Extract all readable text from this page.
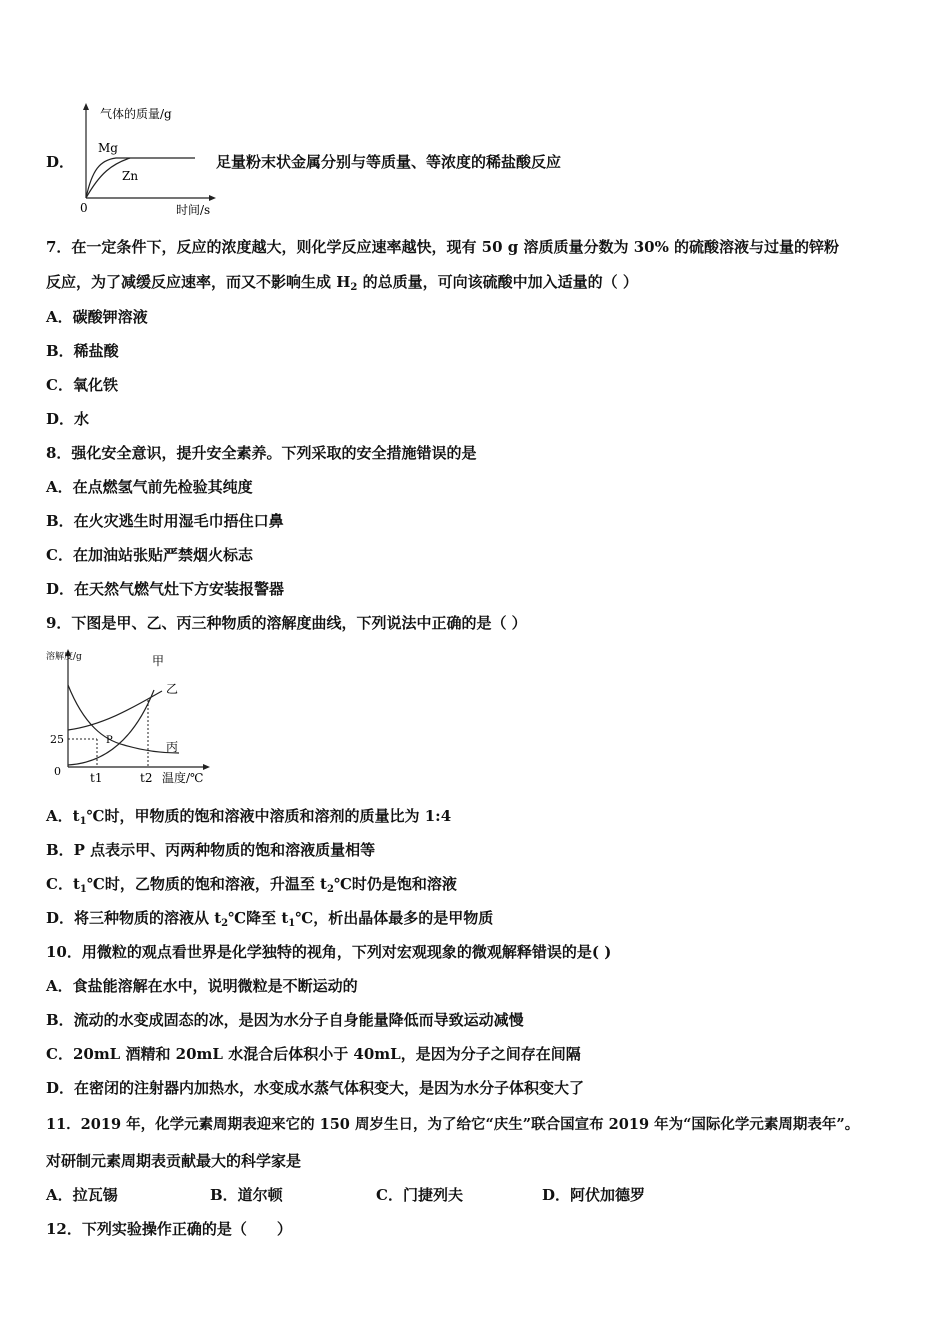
D．
气体的质量/g
Mg
Zn
0	时间/s
足量粉末状金属分别与等质量、等浓度的稀盐酸反应
7．在一定条件下，反应的浓度越大，则化学反应速率越快，现有 50 g 溶质质量分数为 30% 的硫酸溶液与过量的锌粉
反应，为了减缓反应速率，而又不影响生成 $H_2$ 的总质量，可向该硫酸中加入适量的（ ）
A．碳酸钾溶液
B．稀盐酸
C．氧化铁
D．水
8．强化安全意识，提升安全素养。下列采取的安全措施错误的是
A．在点燃氢气前先检验其纯度
B．在火灾逃生时用湿毛巾捂住口鼻
C．在加油站张贴严禁烟火标志
D．在天然气燃气灶下方安装报警器
9．下图是甲、乙、丙三种物质的溶解度曲线，下列说法中正确的是（ ）
溶解度/g
25
0 t1	t2 温度/℃
甲
乙
丙
P
A．$t_1℃$时，甲物质的饱和溶液中溶质和溶剂的质量比为 1:4
B．P 点表示甲、丙两种物质的饱和溶液质量相等
C．$t_1℃$时，乙物质的饱和溶液，升温至 $t_2℃$时仍是饱和溶液
D．将三种物质的溶液从 $t_2℃$降至 $t_1℃$，析出晶体最多的是甲物质
10．用微粒的观点看世界是化学独特的视角，下列对宏观现象的微观解释错误的是( )
A．食盐能溶解在水中，说明微粒是不断运动的
B．流动的水变成固态的冰，是因为水分子自身能量降低而导致运动减慢
C．20mL 酒精和 20mL 水混合后体积小于 40mL，是因为分子之间存在间隔
D．在密闭的注射器内加热水，水变成水蒸气体积变大，是因为水分子体积变大了
11．2019 年，化学元素周期表迎来它的 150 周岁生日，为了给它“庆生”联合国宣布 2019 年为“国际化学元素周期表年”。
对研制元素周期表贡献最大的科学家是
A．拉瓦锡	B．道尔顿	C．门捷列夫	D．阿伏加德罗
12．下列实验操作正确的是（　　）
